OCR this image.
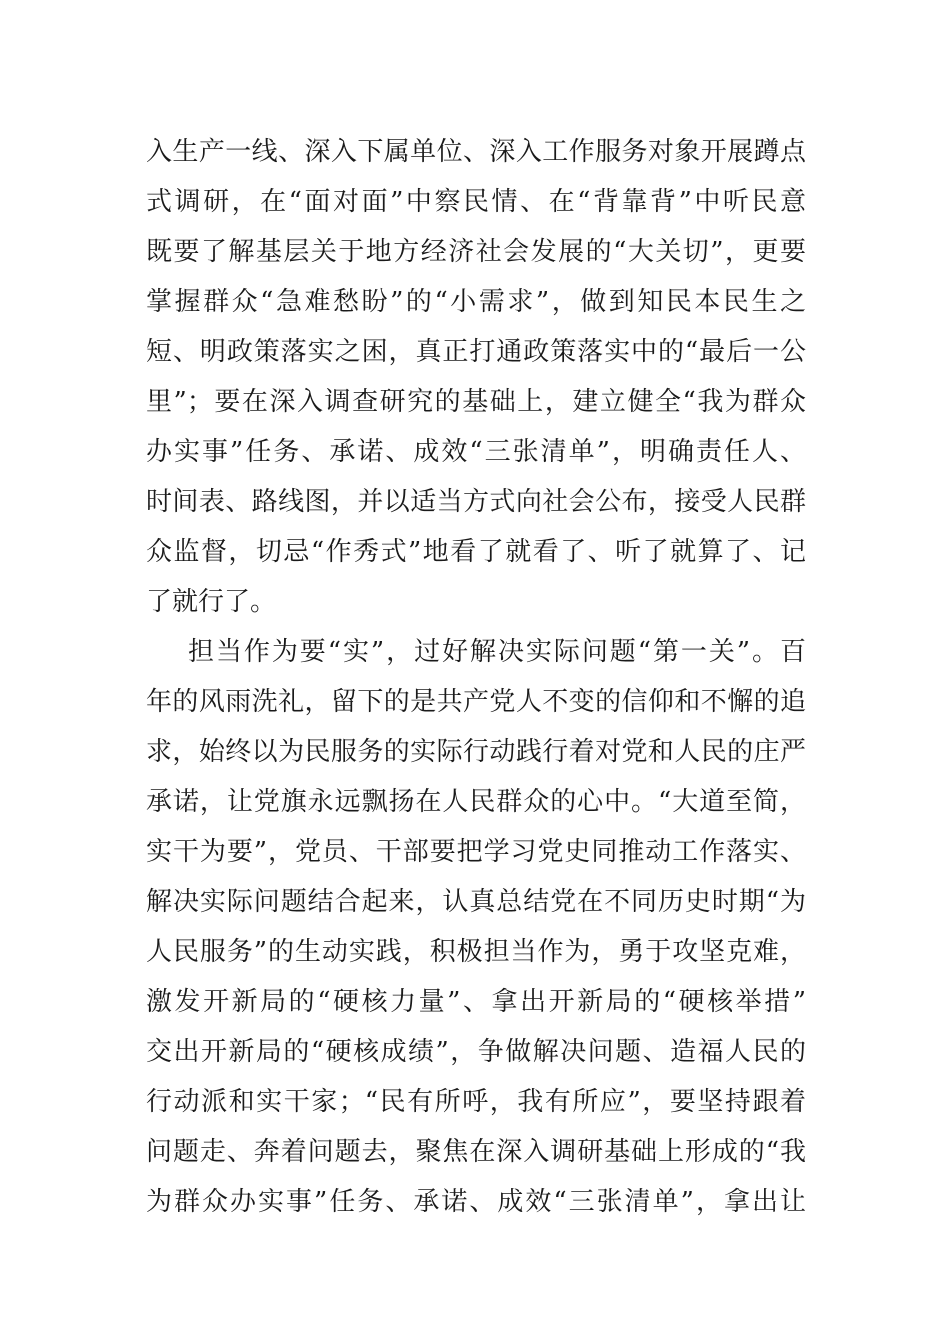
入生产一线、深入下属单位、深入工作服务对象开展蹲点
式调研，在“面对面”中察民情、在“背靠背”中听民意
既要了解基层关于地方经济社会发展的“大关切”，更要
掌握群众“急难愁盼”的“小需求”，做到知民本民生之
短、明政策落实之困，真正打通政策落实中的“最后一公
里”；要在深入调查研究的基础上，建立健全“我为群众
办实事”任务、承诺、成效“三张清单”，明确责任人、
时间表、路线图，并以适当方式向社会公布，接受人民群
众监督，切忌“作秀式”地看了就看了、听了就算了、记
了就行了。
担当作为要“实”，过好解决实际问题“第一关”。百
年的风雨洗礼，留下的是共产党人不变的信仰和不懈的追
求，始终以为民服务的实际行动践行着对党和人民的庄严
承诺，让党旗永远飘扬在人民群众的心中。“大道至简，
实干为要”，党员、干部要把学习党史同推动工作落实、
解决实际问题结合起来，认真总结党在不同历史时期“为
人民服务”的生动实践，积极担当作为，勇于攻坚克难，
激发开新局的“硬核力量”、拿出开新局的“硬核举措”
交出开新局的“硬核成绩”，争做解决问题、造福人民的
行动派和实干家；“民有所呼，我有所应”，要坚持跟着
问题走、奔着问题去，聚焦在深入调研基础上形成的“我
为群众办实事”任务、承诺、成效“三张清单”，拿出让
